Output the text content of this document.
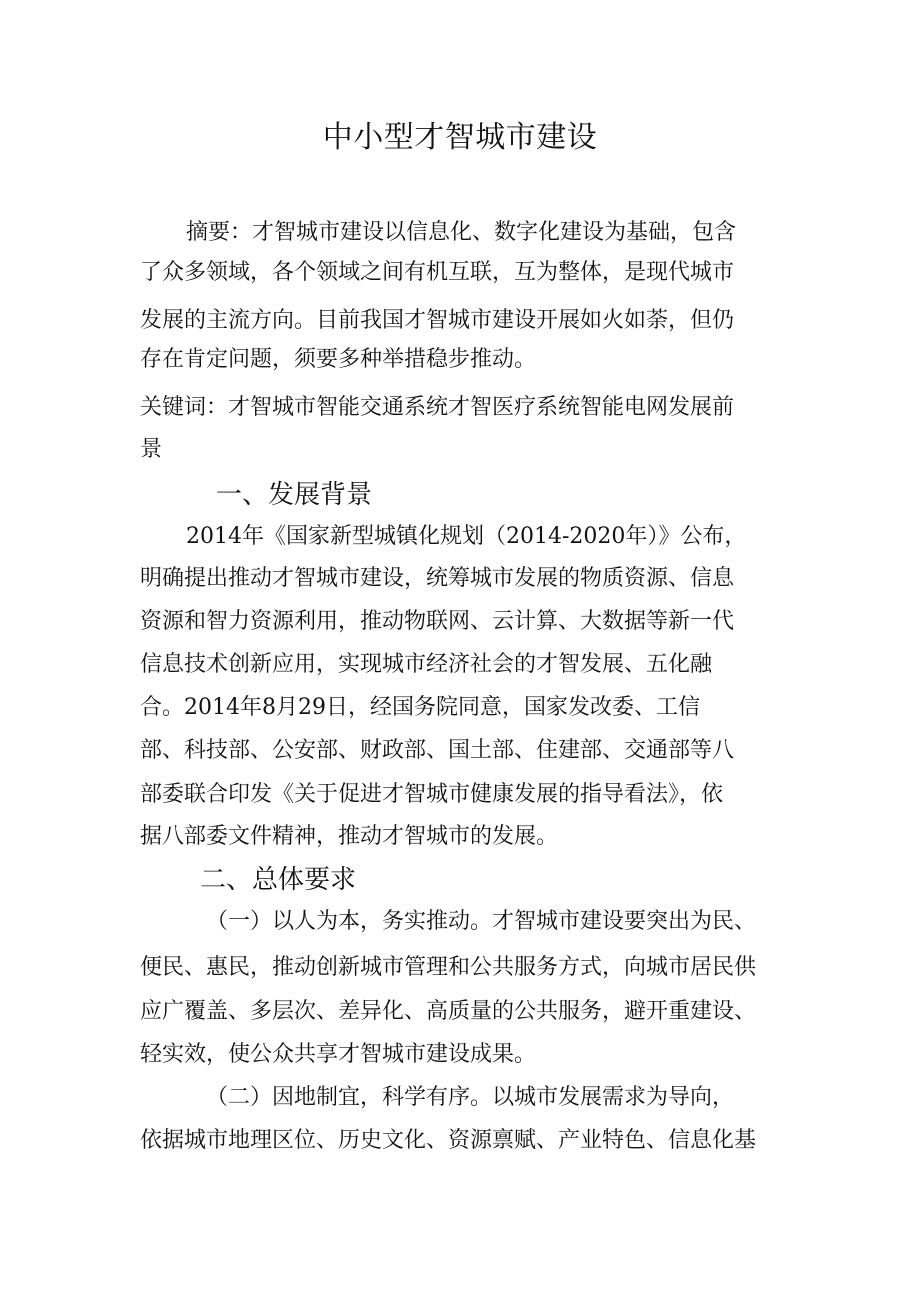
中小型才智城市建设
摘要：才智城市建设以信息化、数字化建设为基础，包含
了众多领域，各个领域之间有机互联，互为整体，是现代城市
发展的主流方向。目前我国才智城市建设开展如火如荼，但仍
存在肯定问题，须要多种举措稳步推动。
关键词：才智城市智能交通系统才智医疗系统智能电网发展前
景
一、发展背景
2014年《国家新型城镇化规划（2014-2020年）》公布，
明确提出推动才智城市建设，统筹城市发展的物质资源、信息
资源和智力资源利用，推动物联网、云计算、大数据等新一代
信息技术创新应用，实现城市经济社会的才智发展、五化融
合。2014年8月29日，经国务院同意，国家发改委、工信
部、科技部、公安部、财政部、国土部、住建部、交通部等八
部委联合印发《关于促进才智城市健康发展的指导看法》，依
据八部委文件精神，推动才智城市的发展。
二、总体要求
（一）以人为本，务实推动。才智城市建设要突出为民、
便民、惠民，推动创新城市管理和公共服务方式，向城市居民供
应广覆盖、多层次、差异化、高质量的公共服务，避开重建设、
轻实效，使公众共享才智城市建设成果。
（二）因地制宜，科学有序。以城市发展需求为导向，
依据城市地理区位、历史文化、资源禀赋、产业特色、信息化基
